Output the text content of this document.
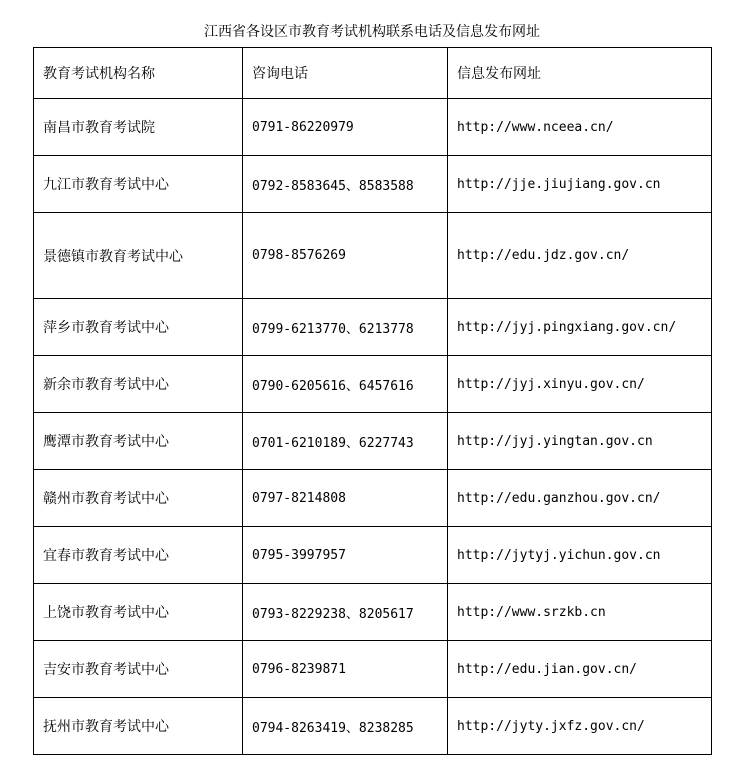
江西省各设区市教育考试机构联系电话及信息发布网址
教育考试机构名称	咨询电话	信息发布网址
南昌市教育考试院	0791-86220979	http://www.nceea.cn/
九江市教育考试中心	0792-8583645、8583588	http://jje.jiujiang.gov.cn
景德镇市教育考试中心	0798-8576269	http://edu.jdz.gov.cn/
萍乡市教育考试中心	0799-6213770、6213778	http://jyj.pingxiang.gov.cn/
新余市教育考试中心	0790-6205616、6457616	http://jyj.xinyu.gov.cn/
鹰潭市教育考试中心	0701-6210189、6227743	http://jyj.yingtan.gov.cn
赣州市教育考试中心	0797-8214808	http://edu.ganzhou.gov.cn/
宜春市教育考试中心	0795-3997957	http://jytyj.yichun.gov.cn
上饶市教育考试中心	0793-8229238、8205617	http://www.srzkb.cn
吉安市教育考试中心	0796-8239871	http://edu.jian.gov.cn/
抚州市教育考试中心	0794-8263419、8238285	http://jyty.jxfz.gov.cn/
